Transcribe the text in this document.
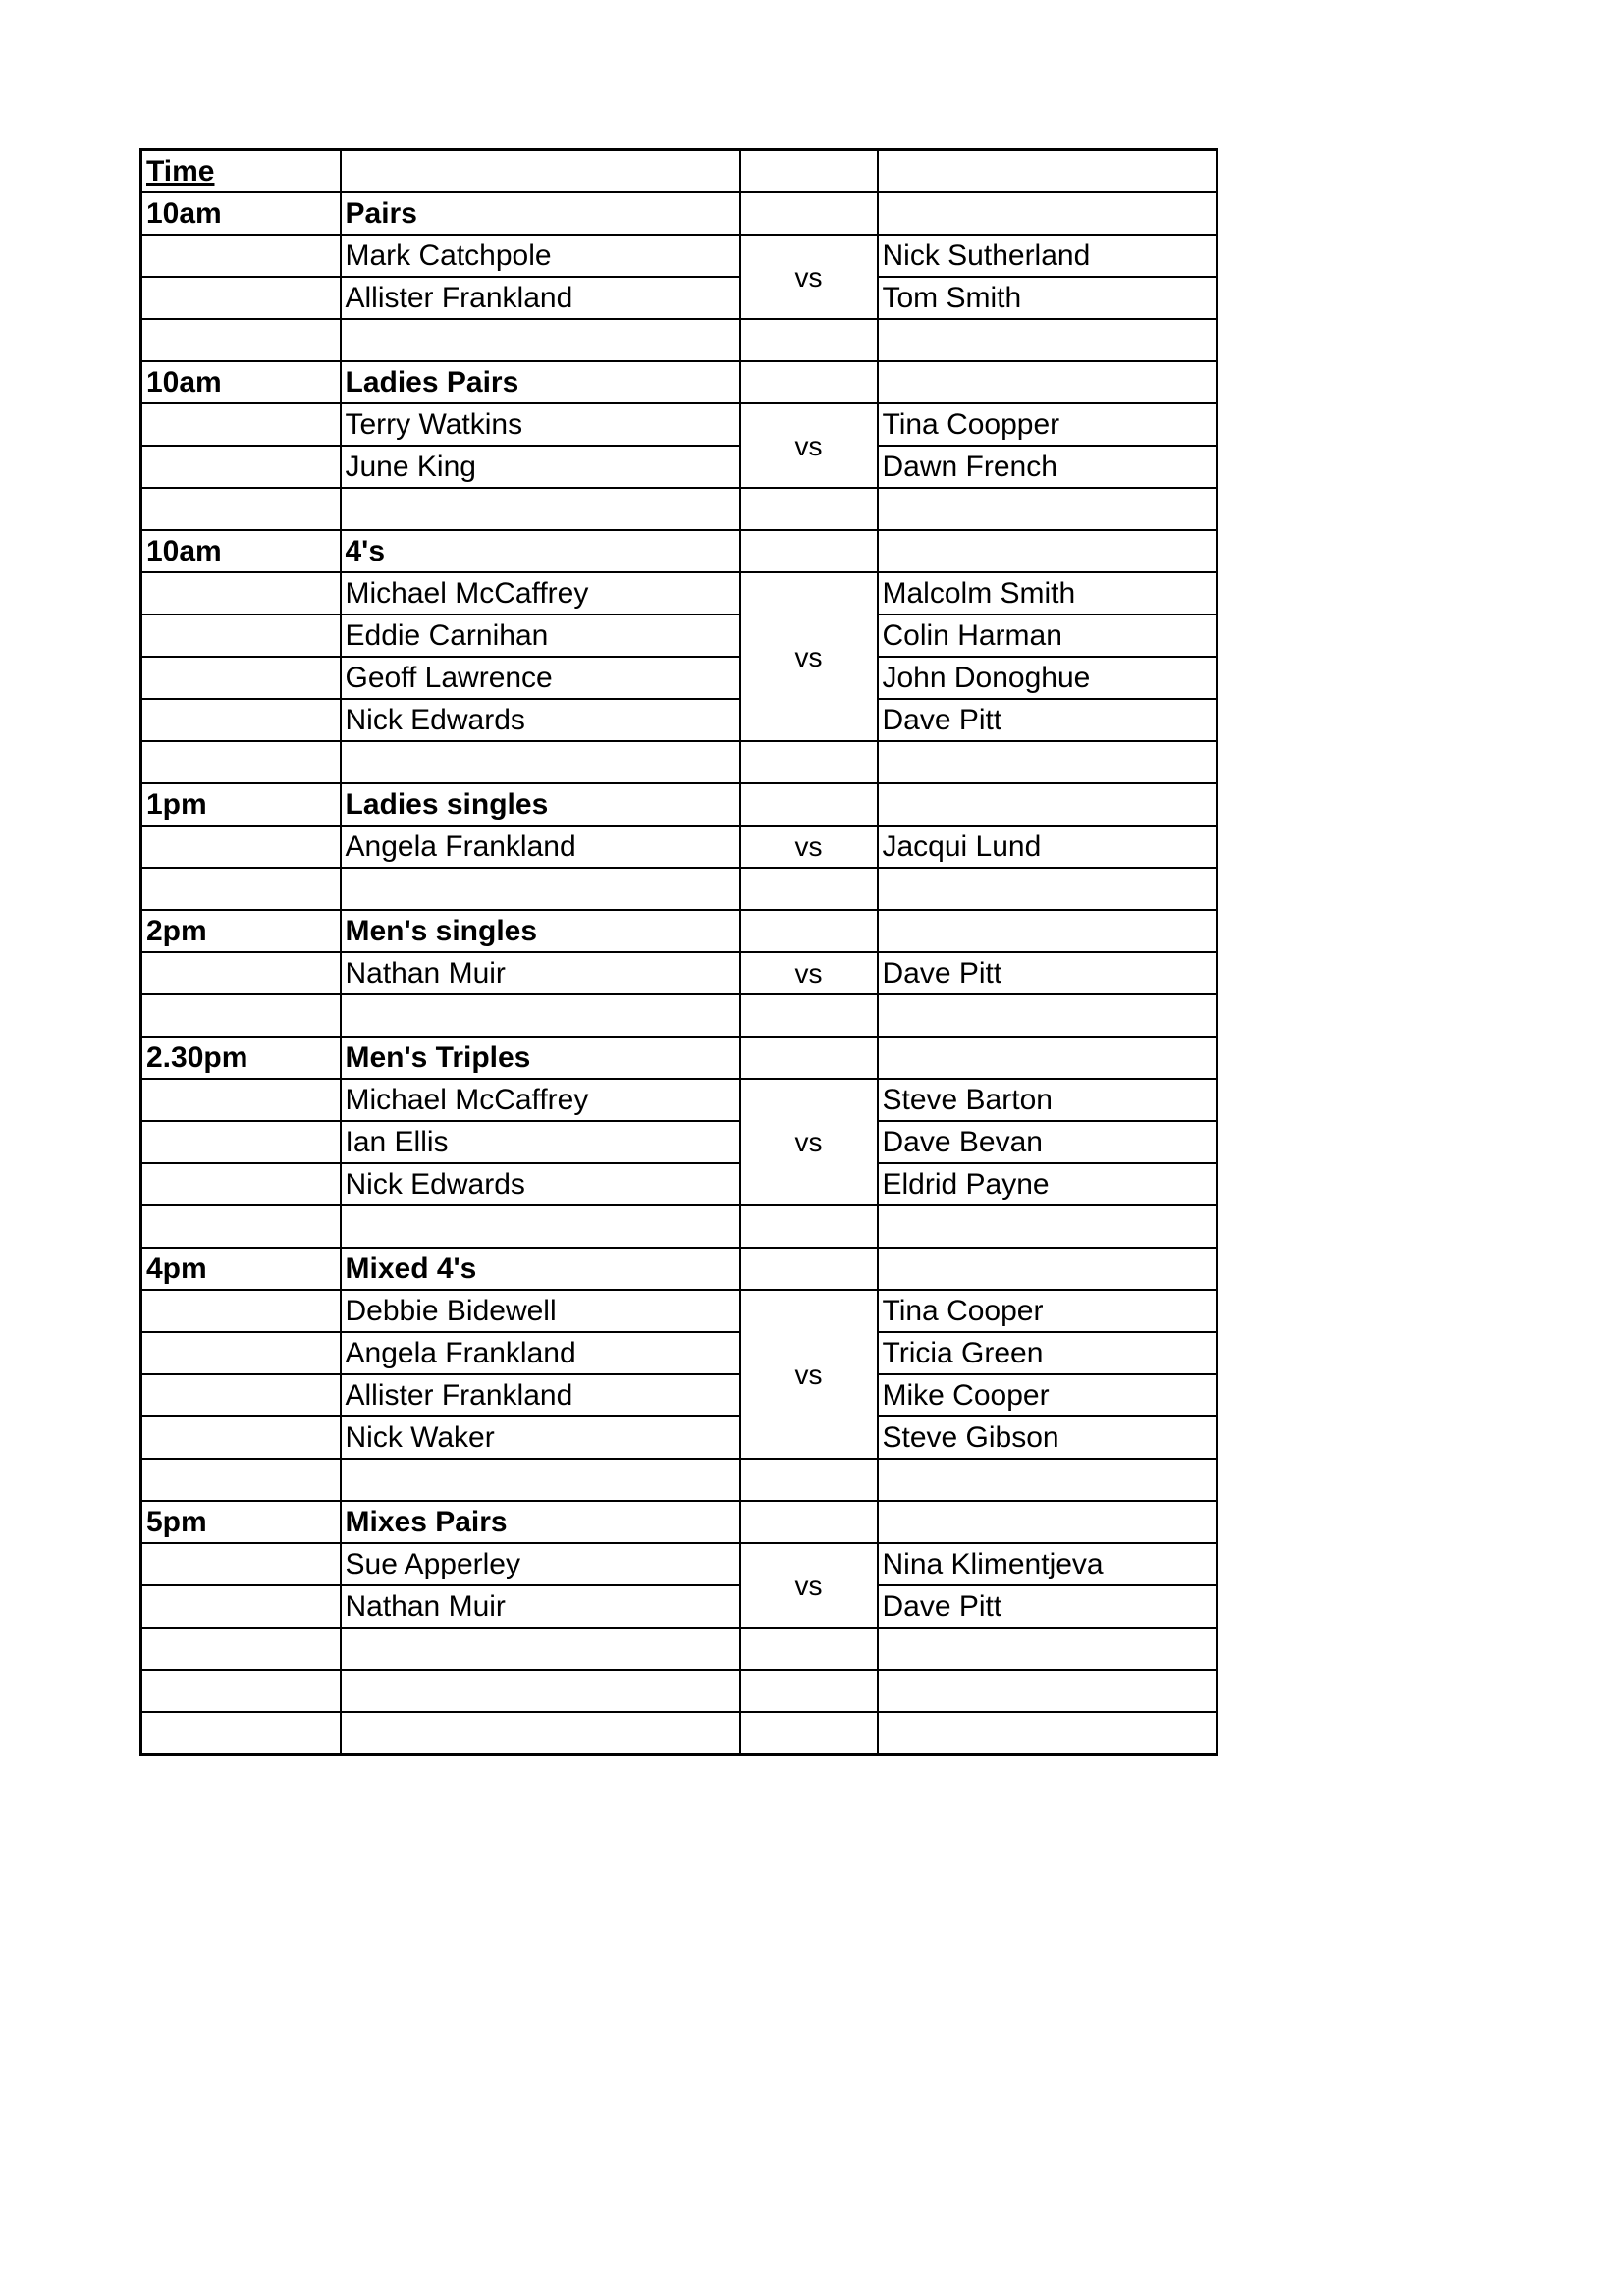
Time			
10am	Pairs		
	Mark Catchpole	vs	Nick Sutherland
	Allister Frankland		Tom Smith

10am	Ladies Pairs		
	Terry Watkins	vs	Tina Coopper
	June King		Dawn French

10am	4's		
	Michael McCaffrey	vs	Malcolm Smith
	Eddie Carnihan		Colin Harman
	Geoff Lawrence		John Donoghue
	Nick Edwards		Dave Pitt

1pm	Ladies singles		
	Angela Frankland	vs	Jacqui Lund

2pm	Men's singles		
	Nathan Muir	vs	Dave Pitt

2.30pm	Men's Triples		
	Michael McCaffrey	vs	Steve Barton
	Ian Ellis		Dave Bevan
	Nick Edwards		Eldrid Payne

4pm	Mixed 4's		
	Debbie Bidewell	vs	Tina Cooper
	Angela Frankland		Tricia Green
	Allister Frankland		Mike Cooper
	Nick Waker		Steve Gibson

5pm	Mixes Pairs		
	Sue Apperley	vs	Nina Klimentjeva
	Nathan Muir		Dave Pitt
